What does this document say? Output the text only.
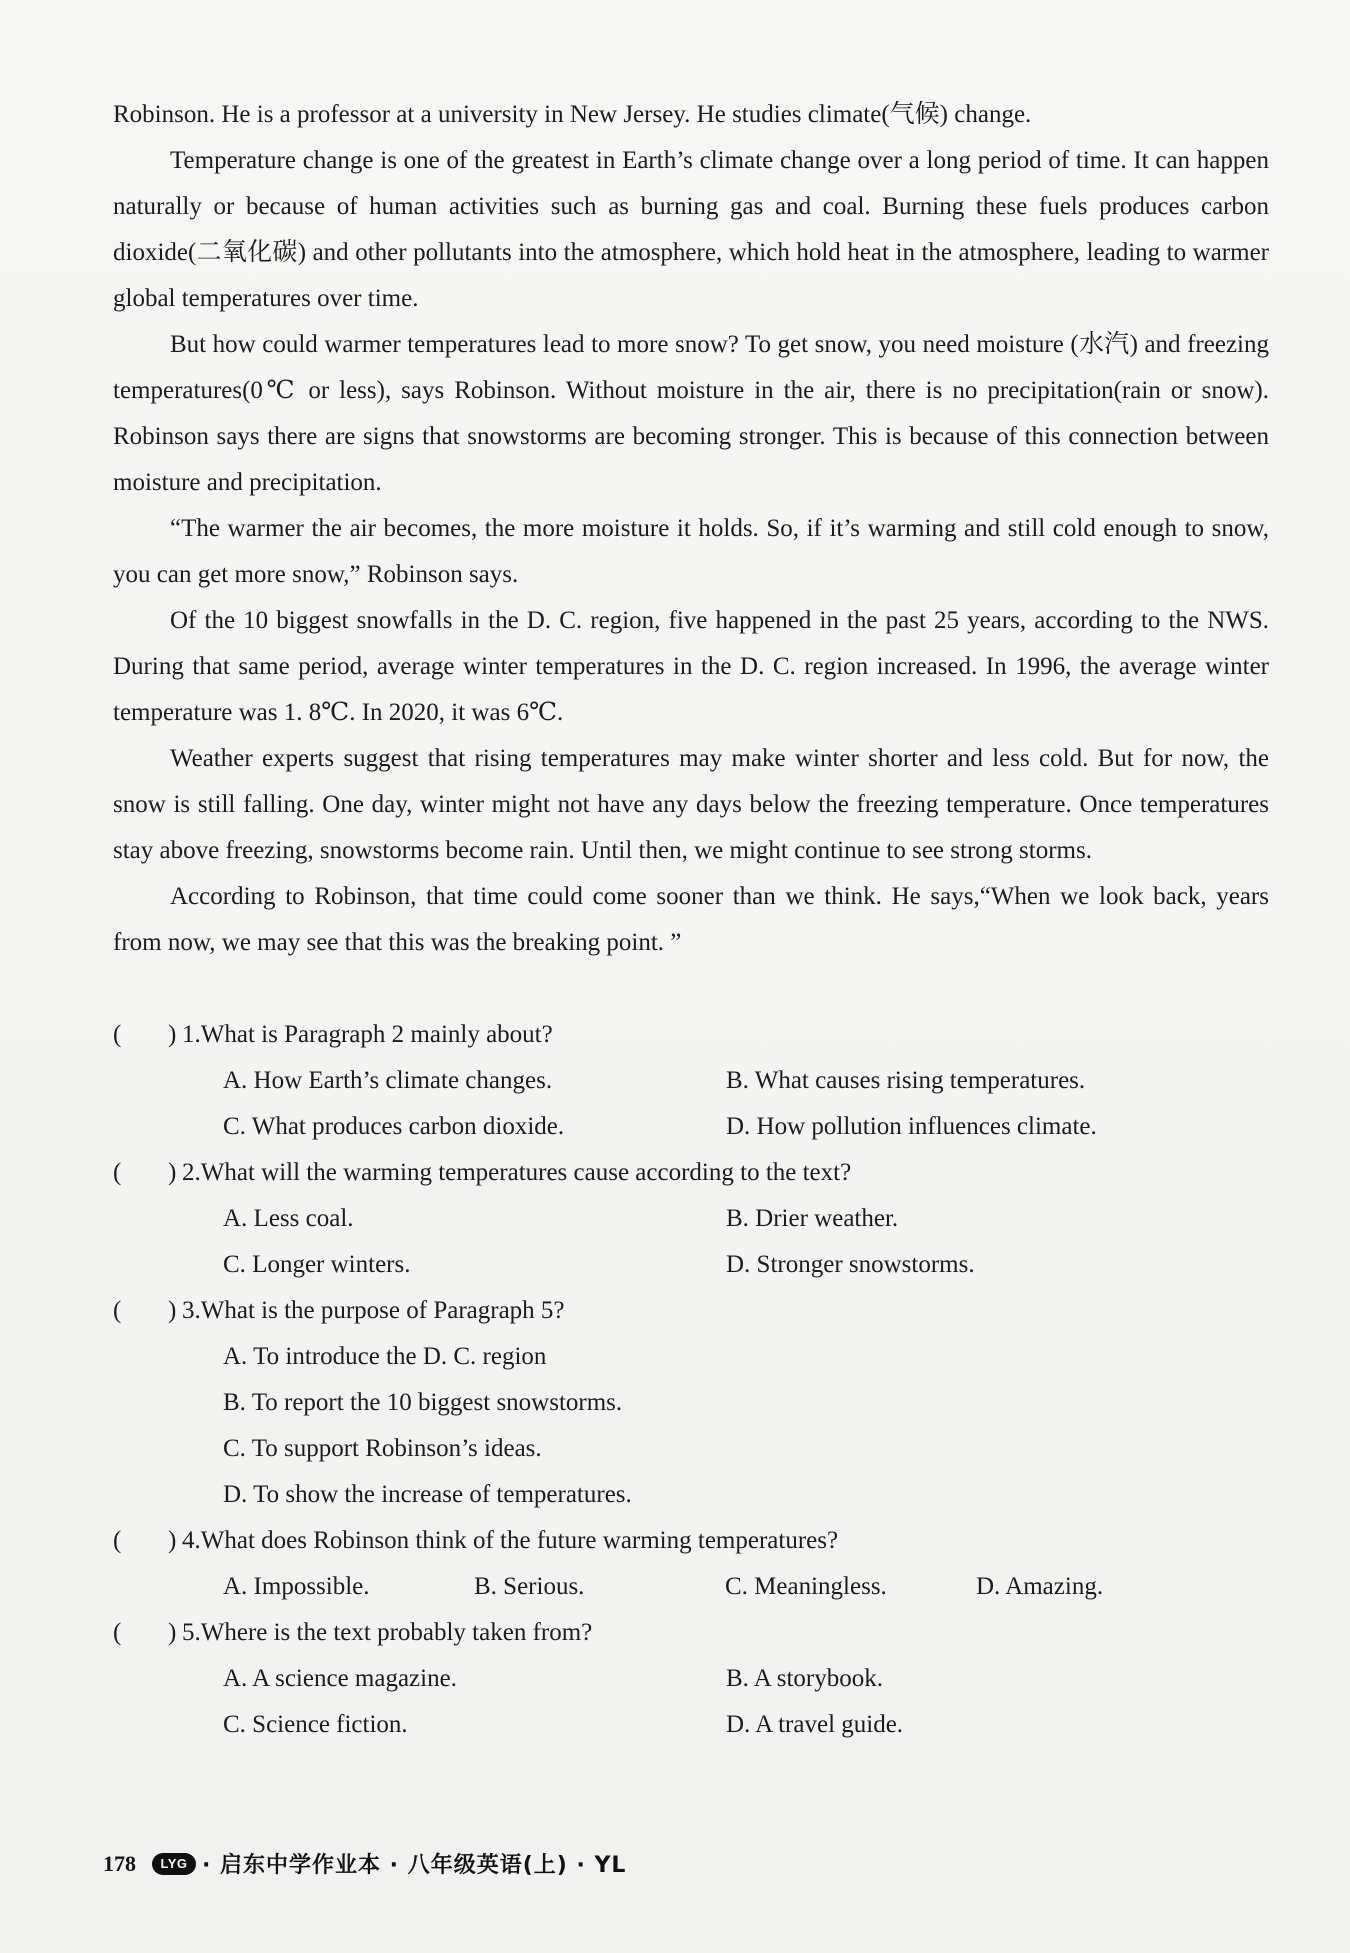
Robinson. He is a professor at a university in New Jersey. He studies climate(气候) change.

Temperature change is one of the greatest in Earth’s climate change over a long period of time. It can happen naturally or because of human activities such as burning gas and coal. Burning these fuels produces carbon dioxide(二氧化碳) and other pollutants into the atmosphere, which hold heat in the atmosphere, leading to warmer global temperatures over time.

But how could warmer temperatures lead to more snow? To get snow, you need moisture (水汽) and freezing temperatures(0℃ or less), says Robinson. Without moisture in the air, there is no precipitation(rain or snow). Robinson says there are signs that snowstorms are becoming stronger. This is because of this connection between moisture and precipitation.

“The warmer the air becomes, the more moisture it holds. So, if it’s warming and still cold enough to snow, you can get more snow,” Robinson says.

Of the 10 biggest snowfalls in the D. C. region, five happened in the past 25 years, according to the NWS. During that same period, average winter temperatures in the D. C. region increased. In 1996, the average winter temperature was 1. 8℃. In 2020, it was 6℃.

Weather experts suggest that rising temperatures may make winter shorter and less cold. But for now, the snow is still falling. One day, winter might not have any days below the freezing temperature. Once temperatures stay above freezing, snowstorms become rain. Until then, we might continue to see strong storms.

According to Robinson, that time could come sooner than we think. He says,“When we look back, years from now, we may see that this was the breaking point. ”

(	) 1. What is Paragraph 2 mainly about?
A. How Earth’s climate changes.	B. What causes rising temperatures.
C. What produces carbon dioxide.	D. How pollution influences climate.
(	) 2. What will the warming temperatures cause according to the text?
A. Less coal.	B. Drier weather.
C. Longer winters.	D. Stronger snowstorms.
(	) 3. What is the purpose of Paragraph 5?
A. To introduce the D. C. region
B. To report the 10 biggest snowstorms.
C. To support Robinson’s ideas.
D. To show the increase of temperatures.
(	) 4. What does Robinson think of the future warming temperatures?
A. Impossible.	B. Serious.	C. Meaningless.	D. Amazing.
(	) 5. Where is the text probably taken from?
A. A science magazine.	B. A storybook.
C. Science fiction.	D. A travel guide.
178	LYG · 启东中学作业本 · 八年级英语(上) · YL
